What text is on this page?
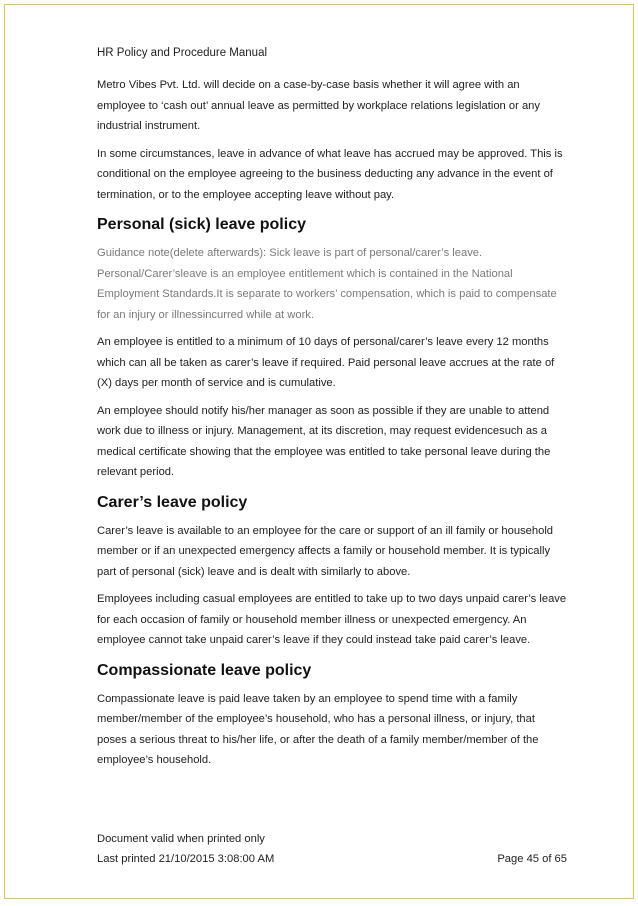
HR Policy and Procedure Manual

Metro Vibes Pvt. Ltd. will decide on a case-by-case basis whether it will agree with an employee to ‘cash out’ annual leave as permitted by workplace relations legislation or any industrial instrument.

In some circumstances, leave in advance of what leave has accrued may be approved. This is conditional on the employee agreeing to the business deducting any advance in the event of termination, or to the employee accepting leave without pay.

Personal (sick) leave policy

Guidance note(delete afterwards): Sick leave is part of personal/carer’s leave. Personal/Carer’sleave is an employee entitlement which is contained in the National Employment Standards.It is separate to workers’ compensation, which is paid to compensate for an injury or illnessincurred while at work.

An employee is entitled to a minimum of 10 days of personal/carer’s leave every 12 months which can all be taken as carer’s leave if required. Paid personal leave accrues at the rate of (X) days per month of service and is cumulative.

An employee should notify his/her manager as soon as possible if they are unable to attend work due to illness or injury. Management, at its discretion, may request evidencesuch as a medical certificate showing that the employee was entitled to take personal leave during the relevant period.

Carer’s leave policy

Carer’s leave is available to an employee for the care or support of an ill family or household member or if an unexpected emergency affects a family or household member. It is typically part of personal (sick) leave and is dealt with similarly to above.

Employees including casual employees are entitled to take up to two days unpaid carer’s leave for each occasion of family or household member illness or unexpected emergency. An employee cannot take unpaid carer’s leave if they could instead take paid carer’s leave.

Compassionate leave policy

Compassionate leave is paid leave taken by an employee to spend time with a family member/member of the employee’s household, who has a personal illness, or injury, that poses a serious threat to his/her life, or after the death of a family member/member of the employee’s household.

Document valid when printed only
Last printed 21/10/2015 3:08:00 AM	Page 45 of 65
